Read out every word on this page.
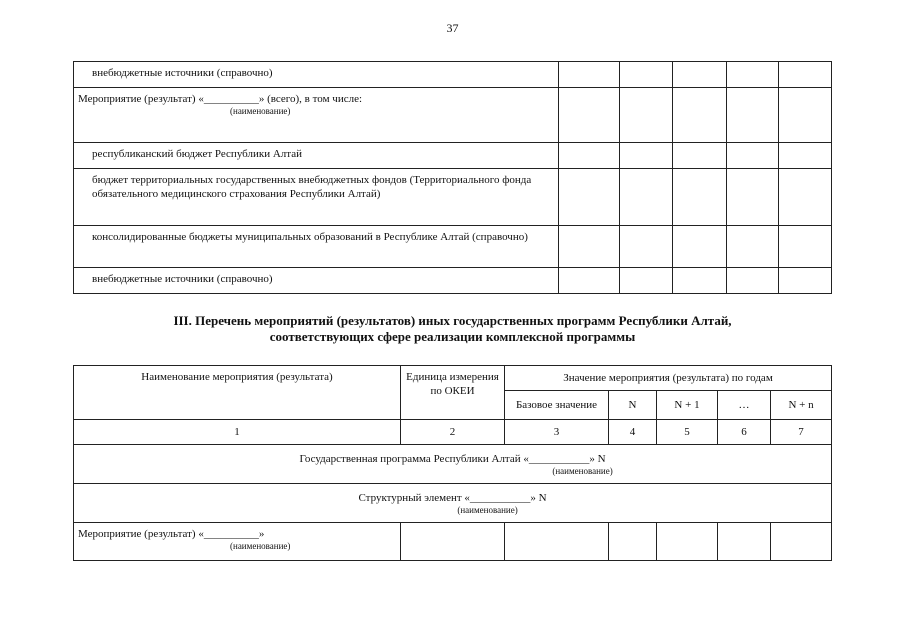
37
внебюджетные источники (справочно)					
Мероприятие (результат) «__________» (всего), в том числе:
(наименование)					

республиканский бюджет Республики Алтай					
бюджет территориальных государственных внебюджетных фондов (Территориального фонда обязательного медицинского страхования Республики Алтай)					
консолидированные бюджеты муниципальных образований в Республике Алтай (справочно)					
внебюджетные источники (справочно)					
III. Перечень мероприятий (результатов) иных государственных программ Республики Алтай,
соответствующих сфере реализации комплексной программы
Наименование мероприятия (результата)	Единица измерения по ОКЕИ	Значение мероприятия (результата) по годам				
		Базовое значение	N	N + 1	…	N + n
1	2	3	4	5	6	7
Государственная программа Республики Алтай «___________» N
(наименование)						

Структурный элемент «___________» N
(наименование)						

Мероприятие (результат) «__________»
(наименование)						
